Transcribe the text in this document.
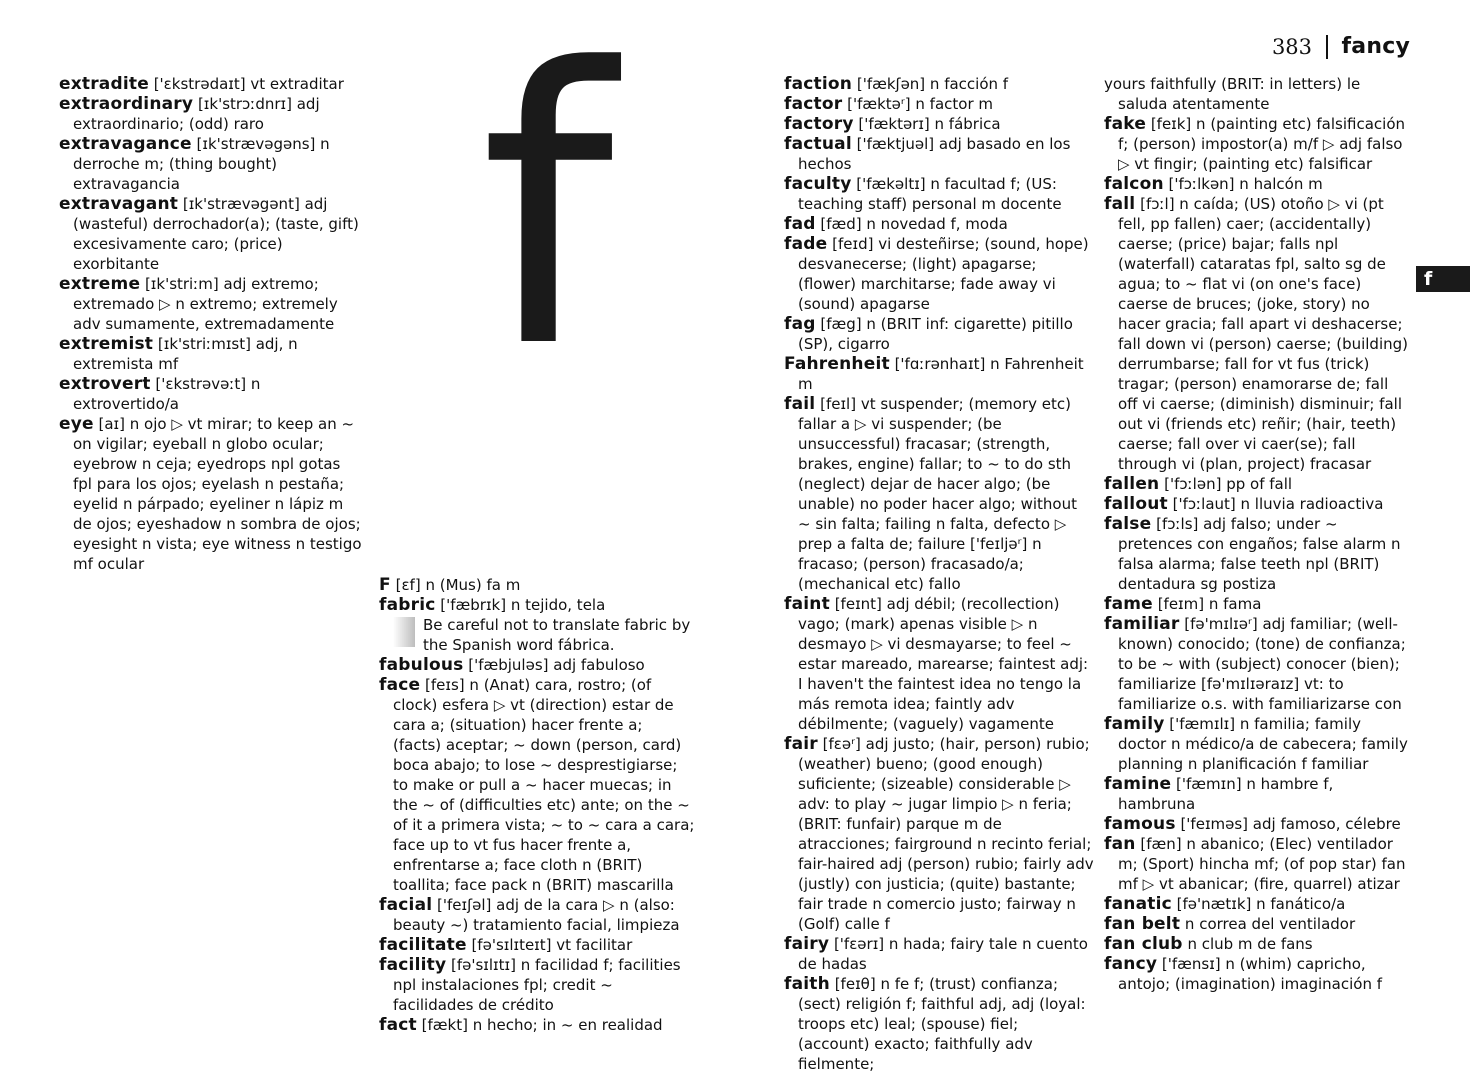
383 fancy
f
f

extradite ['ɛkstrədaɪt] vt extraditar

extraordinary [ɪk'strɔːdnrɪ] adj extraordinario; (odd) raro

extravagance [ɪk'strævəgəns] n derroche m; (thing bought) extravagancia

extravagant [ɪk'strævəgənt] adj (wasteful) derrochador(a); (taste, gift) excesivamente caro; (price) exorbitante

extreme [ɪk'striːm] adj extremo; extremado ▷ n extremo; extremely adv sumamente, extremadamente

extremist [ɪk'striːmɪst] adj, n extremista mf

extrovert ['ɛkstrəvəːt] n extrovertido/a

eye [aɪ] n ojo ▷ vt mirar; to keep an ~ on vigilar; eyeball n globo ocular; eyebrow n ceja; eyedrops npl gotas fpl para los ojos; eyelash n pestaña; eyelid n párpado; eyeliner n lápiz m de ojos; eyeshadow n sombra de ojos; eyesight n vista; eye witness n testigo mf ocular

F [ɛf] n (Mus) fa m

fabric ['fæbrɪk] n tejido, tela

Be careful not to translate fabric by the Spanish word fábrica.

fabulous ['fæbjuləs] adj fabuloso

face [feɪs] n (Anat) cara, rostro; (of clock) esfera ▷ vt (direction) estar de cara a; (situation) hacer frente a; (facts) aceptar; ~ down (person, card) boca abajo; to lose ~ desprestigiarse; to make or pull a ~ hacer muecas; in the ~ of (difficulties etc) ante; on the ~ of it a primera vista; ~ to ~ cara a cara; face up to vt fus hacer frente a, enfrentarse a; face cloth n (BRIT) toallita; face pack n (BRIT) mascarilla

facial ['feɪʃəl] adj de la cara ▷ n (also: beauty ~) tratamiento facial, limpieza

facilitate [fə'sɪlɪteɪt] vt facilitar

facility [fə'sɪlɪtɪ] n facilidad f; facilities npl instalaciones fpl; credit ~ facilidades de crédito

fact [fækt] n hecho; in ~ en realidad

faction ['fækʃən] n facción f

factor ['fæktəʳ] n factor m

factory ['fæktərɪ] n fábrica

factual ['fæktjuəl] adj basado en los hechos

faculty ['fækəltɪ] n facultad f; (US: teaching staff) personal m docente

fad [fæd] n novedad f, moda

fade [feɪd] vi desteñirse; (sound, hope) desvanecerse; (light) apagarse; (flower) marchitarse; fade away vi (sound) apagarse

fag [fæg] n (BRIT inf: cigarette) pitillo (SP), cigarro

Fahrenheit ['fɑːrənhaɪt] n Fahrenheit m

fail [feɪl] vt suspender; (memory etc) fallar a ▷ vi suspender; (be unsuccessful) fracasar; (strength, brakes, engine) fallar; to ~ to do sth (neglect) dejar de hacer algo; (be unable) no poder hacer algo; without ~ sin falta; failing n falta, defecto ▷ prep a falta de; failure ['feɪljəʳ] n fracaso; (person) fracasado/a; (mechanical etc) fallo

faint [feɪnt] adj débil; (recollection) vago; (mark) apenas visible ▷ n desmayo ▷ vi desmayarse; to feel ~ estar mareado, marearse; faintest adj: I haven't the faintest idea no tengo la más remota idea; faintly adv débilmente; (vaguely) vagamente

fair [fɛəʳ] adj justo; (hair, person) rubio; (weather) bueno; (good enough) suficiente; (sizeable) considerable ▷ adv: to play ~ jugar limpio ▷ n feria; (BRIT: funfair) parque m de atracciones; fairground n recinto ferial; fair-haired adj (person) rubio; fairly adv (justly) con justicia; (quite) bastante; fair trade n comercio justo; fairway n (Golf) calle f

fairy ['fɛərɪ] n hada; fairy tale n cuento de hadas

faith [feɪθ] n fe f; (trust) confianza; (sect) religión f; faithful adj, adj (loyal: troops etc) leal; (spouse) fiel; (account) exacto; faithfully adv fielmente;

yours faithfully (BRIT: in letters) le saluda atentamente

fake [feɪk] n (painting etc) falsificación f; (person) impostor(a) m/f ▷ adj falso ▷ vt fingir; (painting etc) falsificar

falcon ['fɔːlkən] n halcón m

fall [fɔːl] n caída; (US) otoño ▷ vi (pt fell, pp fallen) caer; (accidentally) caerse; (price) bajar; falls npl (waterfall) cataratas fpl, salto sg de agua; to ~ flat vi (on one's face) caerse de bruces; (joke, story) no hacer gracia; fall apart vi deshacerse; fall down vi (person) caerse; (building) derrumbarse; fall for vt fus (trick) tragar; (person) enamorarse de; fall off vi caerse; (diminish) disminuir; fall out vi (friends etc) reñir; (hair, teeth) caerse; fall over vi caer(se); fall through vi (plan, project) fracasar

fallen ['fɔːlən] pp of fall

fallout ['fɔːlaut] n lluvia radioactiva

false [fɔːls] adj falso; under ~ pretences con engaños; false alarm n falsa alarma; false teeth npl (BRIT) dentadura sg postiza

fame [feɪm] n fama

familiar [fə'mɪlɪəʳ] adj familiar; (well-known) conocido; (tone) de confianza; to be ~ with (subject) conocer (bien); familiarize [fə'mɪlɪəraɪz] vt: to familiarize o.s. with familiarizarse con

family ['fæmɪlɪ] n familia; family doctor n médico/a de cabecera; family planning n planificación f familiar

famine ['fæmɪn] n hambre f, hambruna

famous ['feɪməs] adj famoso, célebre

fan [fæn] n abanico; (Elec) ventilador m; (Sport) hincha mf; (of pop star) fan mf ▷ vt abanicar; (fire, quarrel) atizar

fanatic [fə'nætɪk] n fanático/a

fan belt n correa del ventilador

fan club n club m de fans

fancy ['fænsɪ] n (whim) capricho, antojo; (imagination) imaginación f
